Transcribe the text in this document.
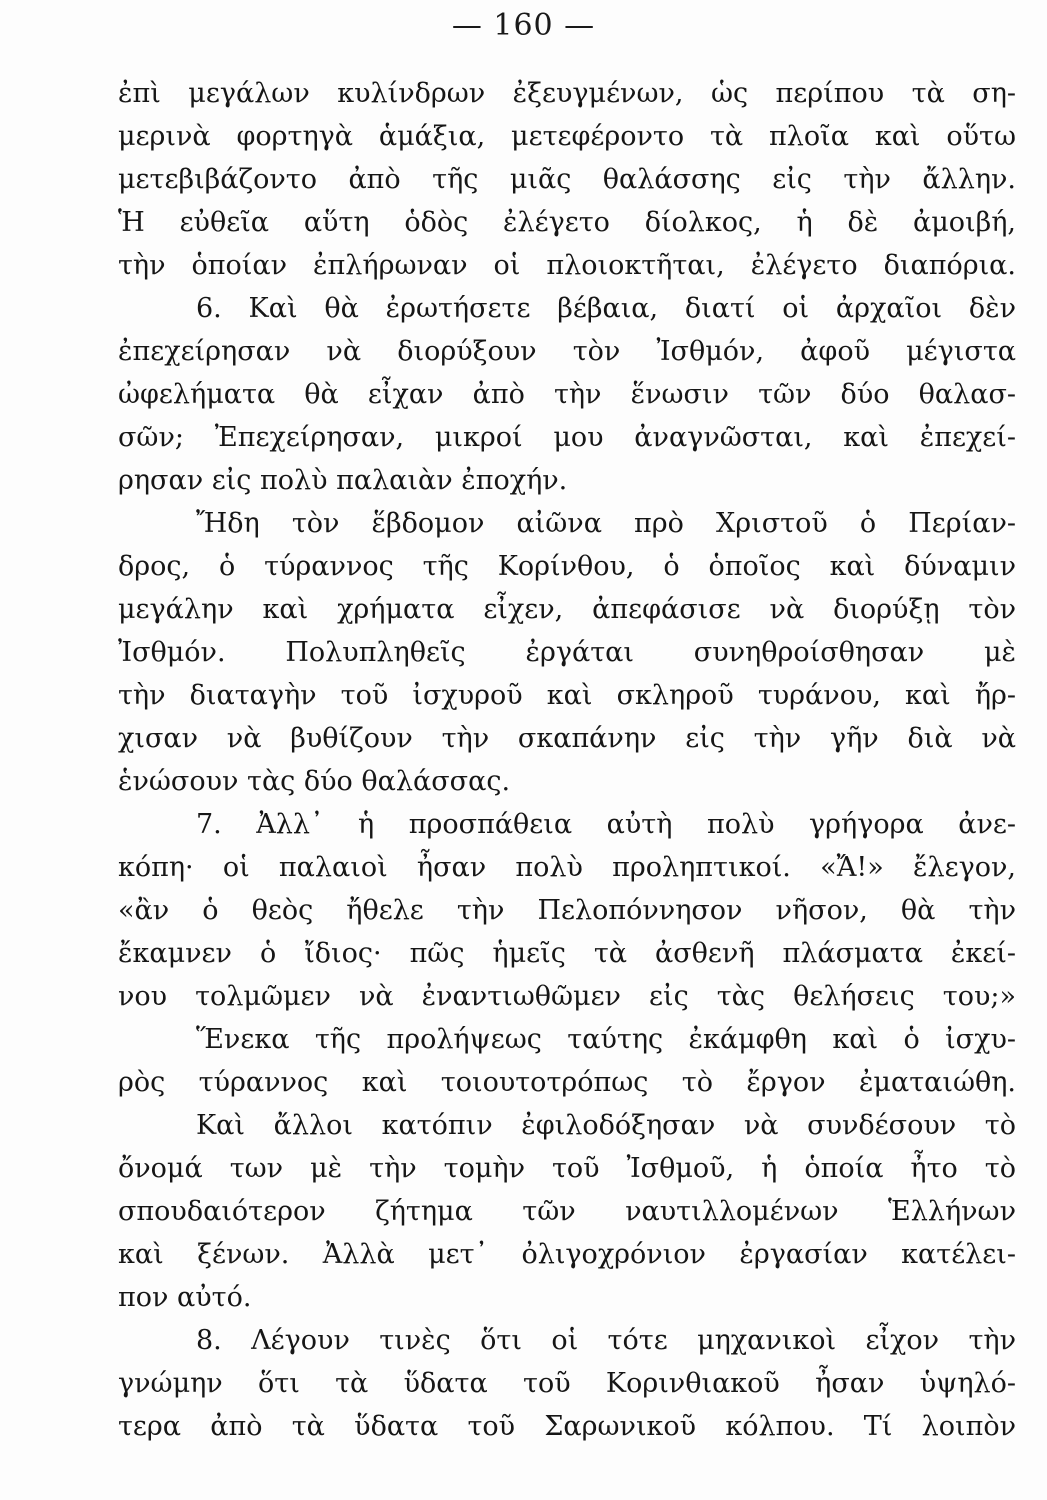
— 160 —
ἐπὶ μεγάλων κυλίνδρων ἐξευγμένων, ὡς περίπου τὰ ση-
μερινὰ φορτηγὰ ἁμάξια, μετεφέροντο τὰ πλοῖα καὶ οὕτω
μετεβιβάζοντο ἀπὸ τῆς μιᾶς θαλάσσης εἰς τὴν ἄλλην.
Ἡ εὐθεῖα αὕτη ὁδὸς ἐλέγετο δίολκος, ἡ δὲ ἀμοιβή,
τὴν ὁποίαν ἐπλήρωναν οἱ πλοιοκτῆται, ἐλέγετο διαπόρια.
6. Καὶ θὰ ἐρωτήσετε βέβαια, διατί οἱ ἀρχαῖοι δὲν
ἐπεχείρησαν νὰ διορύξουν τὸν Ἰσθμόν, ἀφοῦ μέγιστα
ὠφελήματα θὰ εἶχαν ἀπὸ τὴν ἕνωσιν τῶν δύο θαλασ-
σῶν; Ἐπεχείρησαν, μικροί μου ἀναγνῶσται, καὶ ἐπεχεί-
ρησαν εἰς πολὺ παλαιὰν ἐποχήν.
Ἤδη τὸν ἕβδομον αἰῶνα πρὸ Χριστοῦ ὁ Περίαν-
δρος, ὁ τύραννος τῆς Κορίνθου, ὁ ὁποῖος καὶ δύναμιν
μεγάλην καὶ χρήματα εἶχεν, ἀπεφάσισε νὰ διορύξῃ τὸν
Ἰσθμόν. Πολυπληθεῖς ἐργάται συνηθροίσθησαν μὲ
τὴν διαταγὴν τοῦ ἰσχυροῦ καὶ σκληροῦ τυράνου, καὶ ἤρ-
χισαν νὰ βυθίζουν τὴν σκαπάνην εἰς τὴν γῆν διὰ νὰ
ἑνώσουν τὰς δύο θαλάσσας.
7. Ἀλλ᾽ ἡ προσπάθεια αὐτὴ πολὺ γρήγορα ἀνε-
κόπη· οἱ παλαιοὶ ἦσαν πολὺ προληπτικοί. «Ἄ!» ἔλεγον,
«ἂν ὁ θεὸς ἤθελε τὴν Πελοπόννησον νῆσον, θὰ τὴν
ἔκαμνεν ὁ ἴδιος· πῶς ἡμεῖς τὰ ἀσθενῆ πλάσματα ἐκεί-
νου τολμῶμεν νὰ ἐναντιωθῶμεν εἰς τὰς θελήσεις του;»
Ἕνεκα τῆς προλήψεως ταύτης ἐκάμφθη καὶ ὁ ἰσχυ-
ρὸς τύραννος καὶ τοιουτοτρόπως τὸ ἔργον ἐματαιώθη.
Καὶ ἄλλοι κατόπιν ἐφιλοδόξησαν νὰ συνδέσουν τὸ
ὄνομά των μὲ τὴν τομὴν τοῦ Ἰσθμοῦ, ἡ ὁποία ἦτο τὸ
σπουδαιότερον ζήτημα τῶν ναυτιλλομένων Ἑλλήνων
καὶ ξένων. Ἀλλὰ μετ᾽ ὀλιγοχρόνιον ἐργασίαν κατέλει-
πον αὐτό.
8. Λέγουν τινὲς ὅτι οἱ τότε μηχανικοὶ εἶχον τὴν
γνώμην ὅτι τὰ ὕδατα τοῦ Κορινθιακοῦ ἦσαν ὑψηλό-
τερα ἀπὸ τὰ ὕδατα τοῦ Σαρωνικοῦ κόλπου. Τί λοιπὸν
